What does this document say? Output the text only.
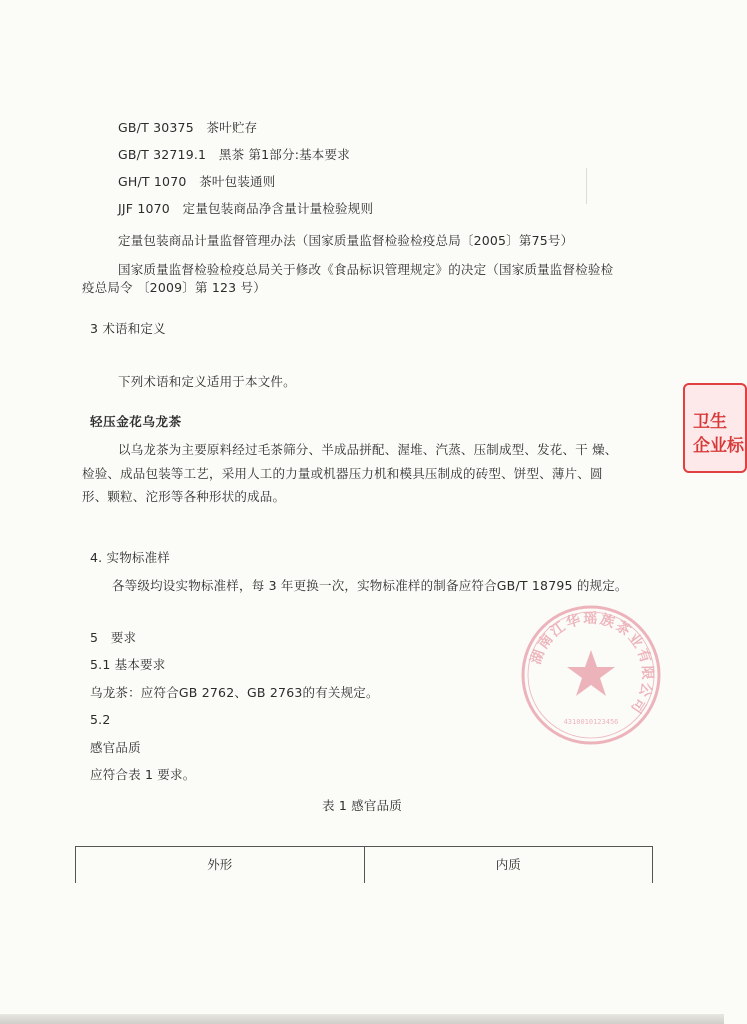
GB/T 30375　茶叶贮存
GB/T 32719.1　黑茶 第1部分:基本要求
GH/T 1070　茶叶包装通则
JJF 1070　定量包装商品净含量计量检验规则
定量包装商品计量监督管理办法（国家质量监督检验检疫总局〔2005〕第75号）
国家质量监督检验检疫总局关于修改《食品标识管理规定》的决定（国家质量监督检验检
疫总局令 〔2009〕第 123 号）
3 术语和定义
下列术语和定义适用于本文件。
轻压金花乌龙茶
以乌龙茶为主要原料经过毛茶筛分、半成品拼配、渥堆、汽蒸、压制成型、发花、干 燥、
检验、成品包装等工艺，采用人工的力量或机器压力机和模具压制成的砖型、饼型、薄片、圆
形、颗粒、沱形等各种形状的成品。
4. 实物标准样
各等级均设实物标准样，每 3 年更换一次，实物标准样的制备应符合GB/T 18795 的规定。
5　要求
5.1 基本要求
乌龙茶：应符合GB 2762、GB 2763的有关规定。
5.2
感官品质
应符合表 1 要求。
表 1 感官品质
外形	内质
卫生
企业标
湖南江华瑶族茶业有限公司
4310010123456
